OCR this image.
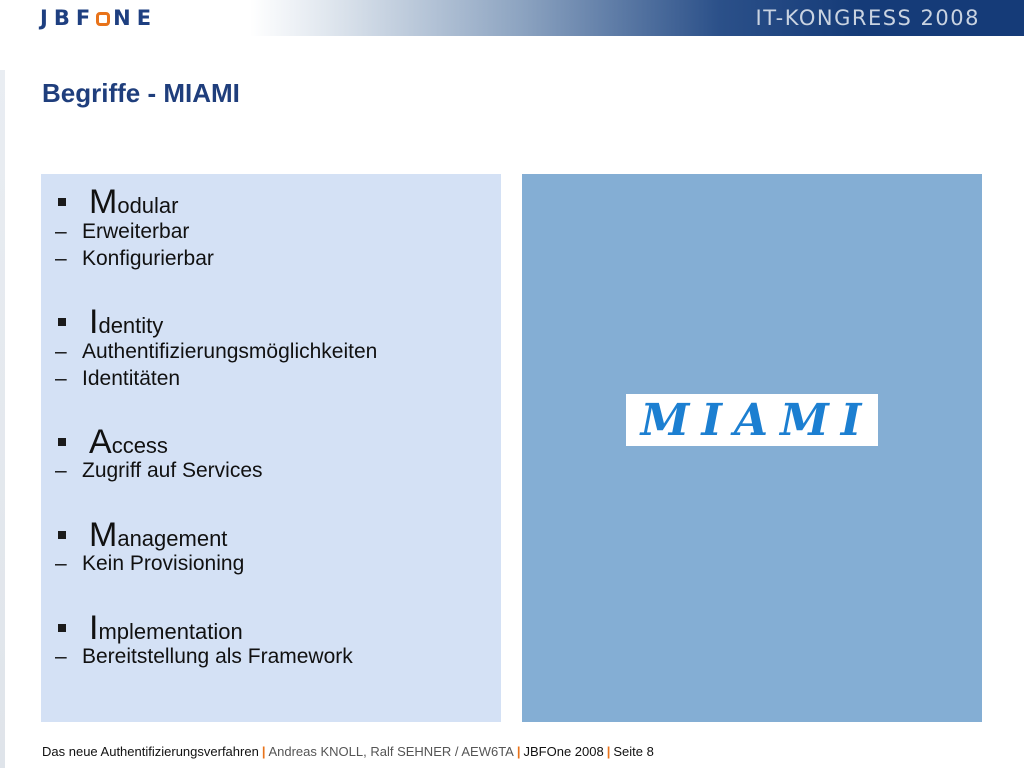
JBF NE	IT-KONGRESS 2008
Begriffe - MIAMI
Modular
– Erweiterbar
– Konfigurierbar
Identity
– Authentifizierungsmöglichkeiten
– Identitäten
Access
– Zugriff auf Services
Management
– Kein Provisioning
Implementation
– Bereitstellung als Framework
MIAMI
Das neue Authentifizierungsverfahren | Andreas KNOLL, Ralf SEHNER / AEW6TA | JBFOne 2008 | Seite 8
